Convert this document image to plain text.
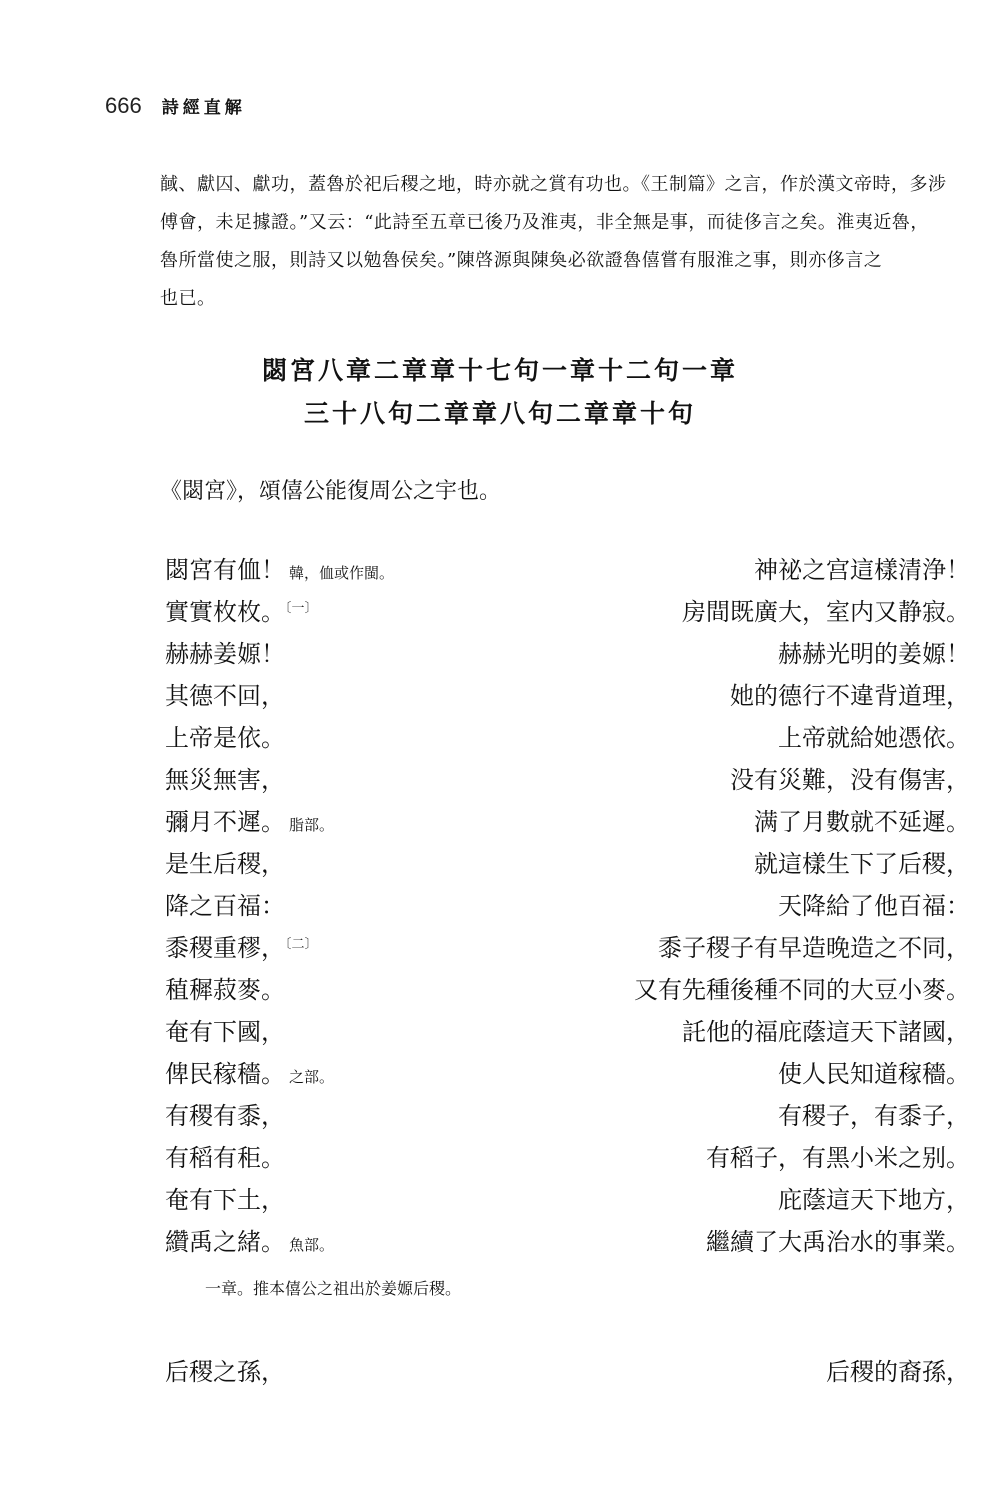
666 詩經直解

馘、獻囚、獻功，蓋魯於祀后稷之地，時亦就之賞有功也。《王制篇》之言，作於漢文帝時，多涉

傅會，未足據證。”又云：“此詩至五章已後乃及淮夷，非全無是事，而徒侈言之矣。淮夷近魯，

魯所當使之服，則詩又以勉魯侯矣。”陳啓源與陳奐必欲證魯僖嘗有服淮之事，則亦侈言之

也已。

閟宮八章二章章十七句一章十二句一章
三十八句二章章八句二章章十句
《閟宮》，頌僖公能復周公之宇也。
閟宮有侐！ 韓，侐或作閩。	神祕之宫這樣清浄！
實實枚枚。$^{〔一〕}$	房間既廣大，室内又静寂。
赫赫姜嫄！	赫赫光明的姜嫄！
其德不回，	她的德行不違背道理，
上帝是依。	上帝就給她憑依。
無災無害，	没有災難，没有傷害，
彌月不遲。 脂部。	满了月數就不延遲。
是生后稷，	就這樣生下了后稷，
降之百福：	天降給了他百福：
黍稷重穋，$^{〔二〕}$	黍子稷子有早造晚造之不同，
稙穉菽麥。	又有先種後種不同的大豆小麥。
奄有下國，	託他的福庇蔭這天下諸國，
俾民稼穡。 之部。	使人民知道稼穡。
有稷有黍，	有稷子，有黍子，
有稻有秬。	有稻子，有黑小米之别。
奄有下土，	庇蔭這天下地方，
纘禹之緒。 魚部。	繼續了大禹治水的事業。
一章。推本僖公之祖出於姜嫄后稷。
后稷之孫，	后稷的裔孫，
